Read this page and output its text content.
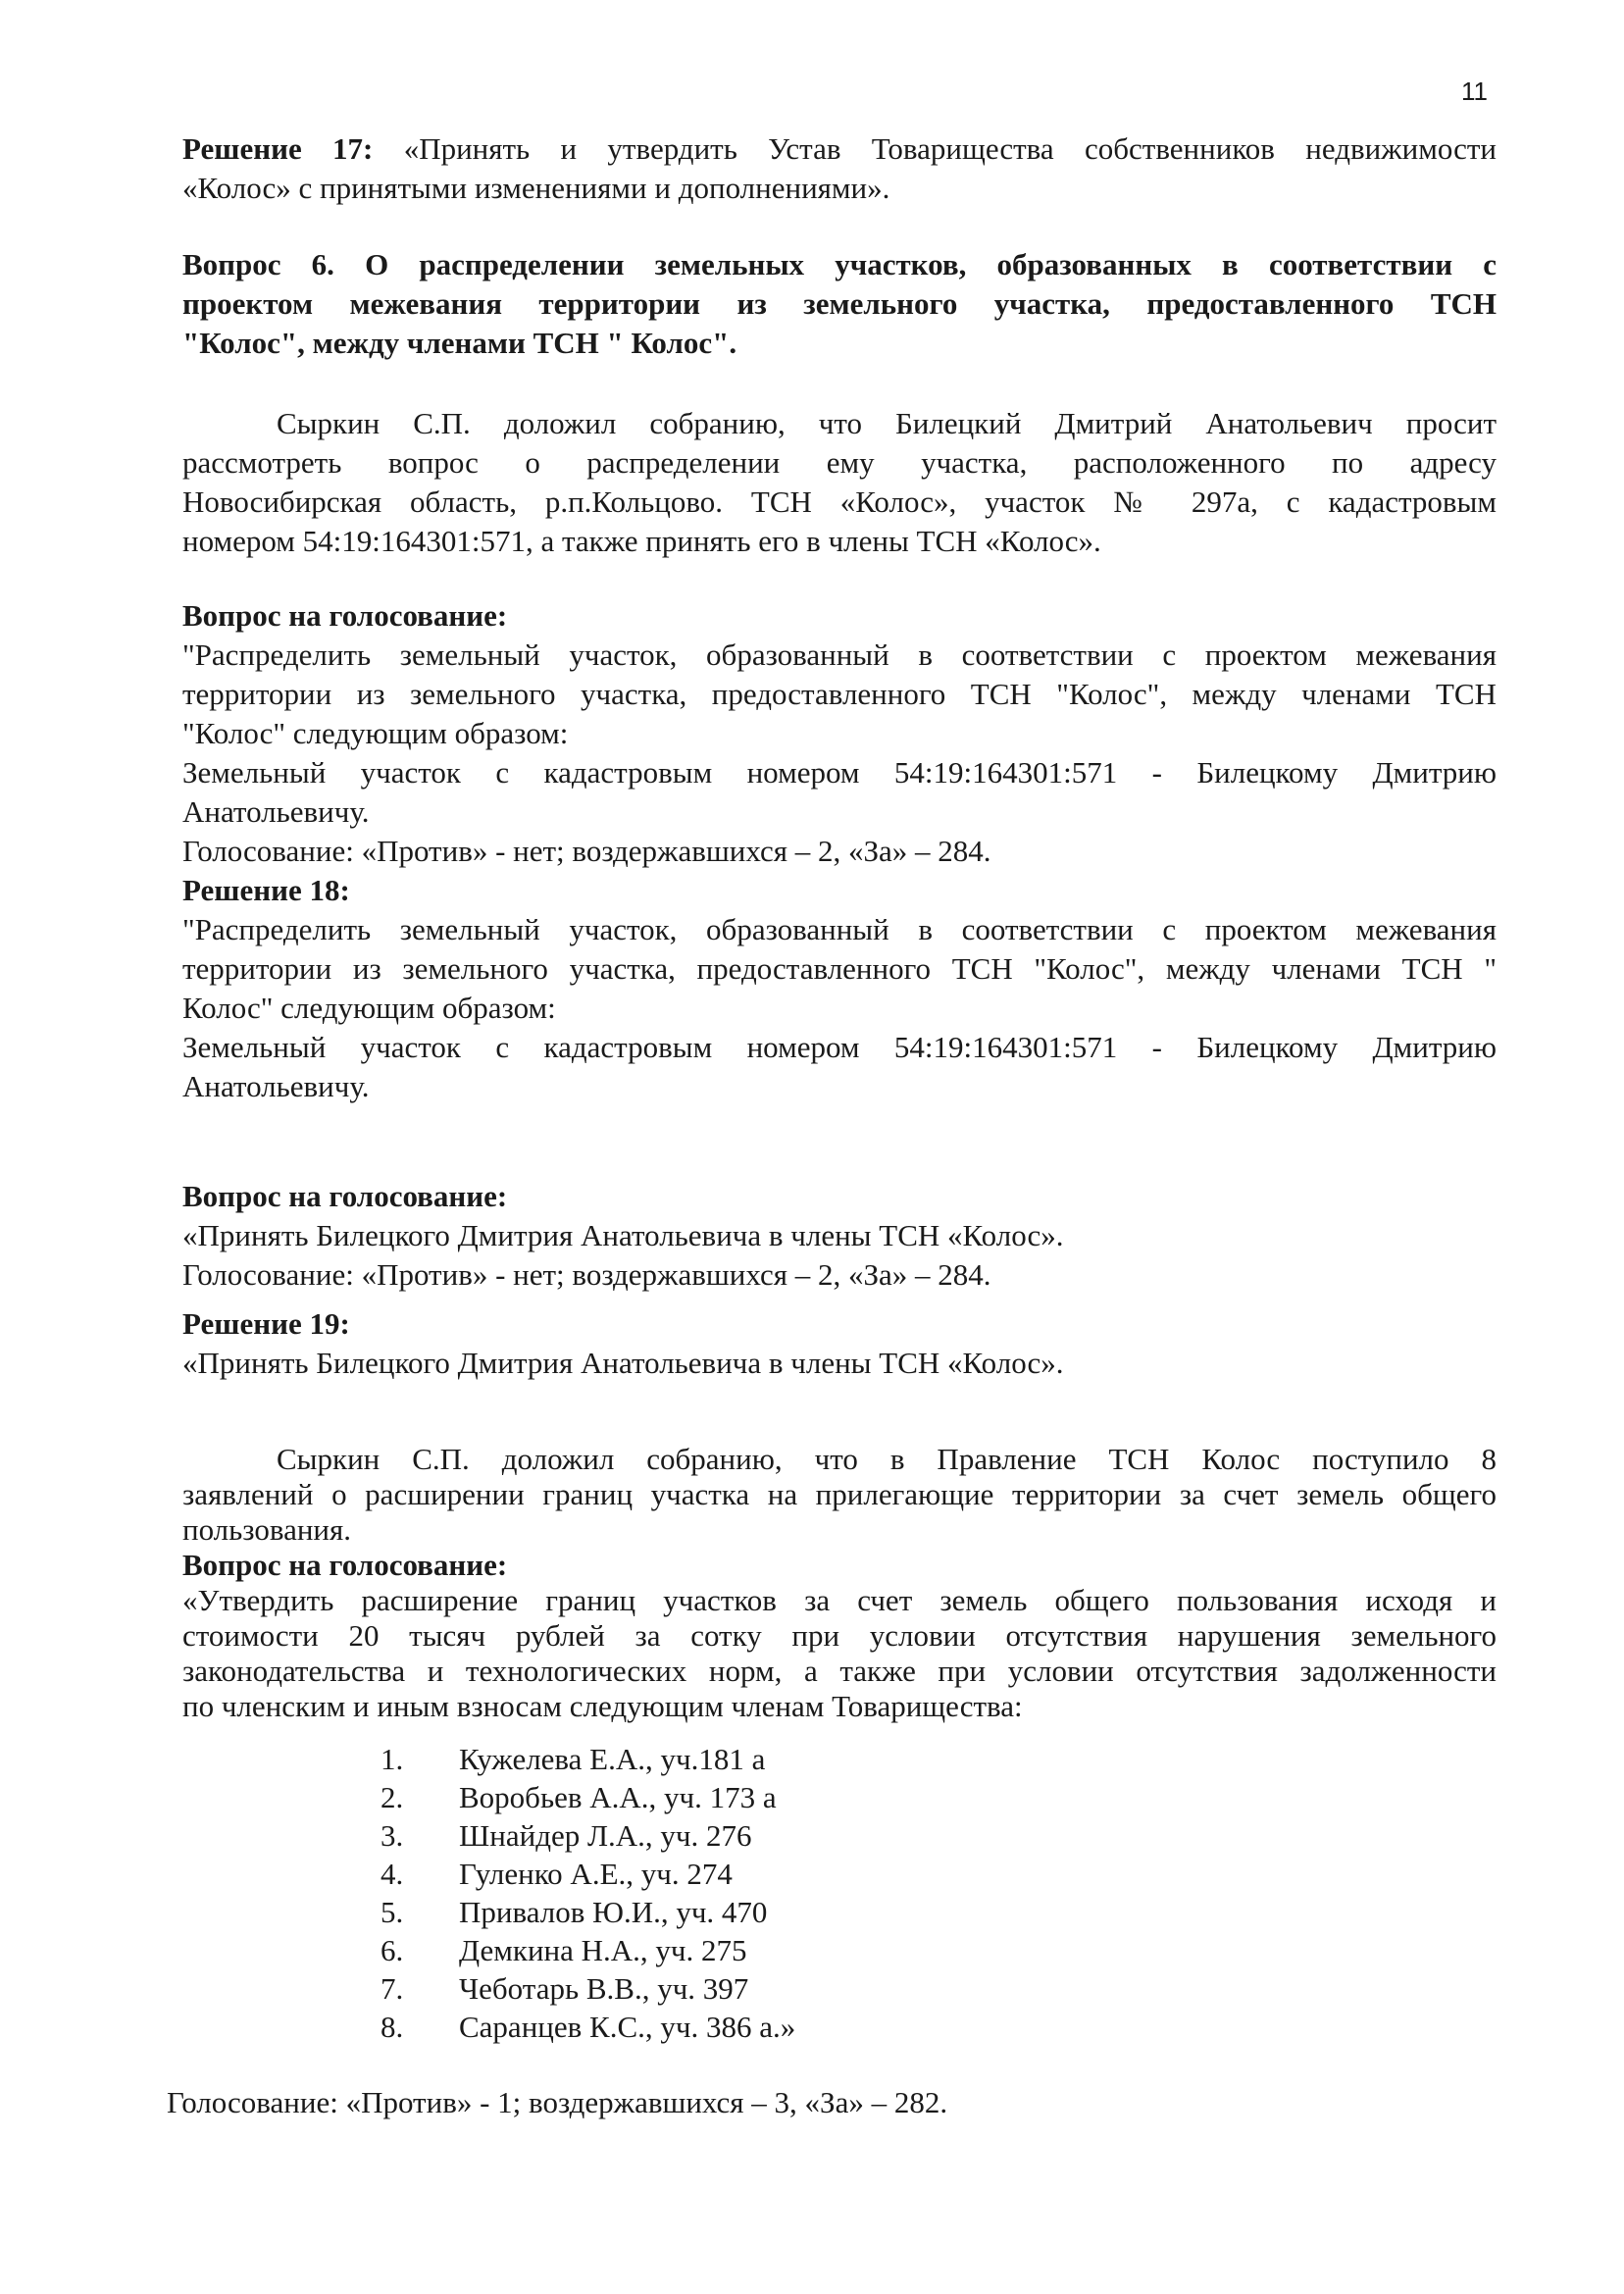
11
Решение 17: «Принять и утвердить Устав Товарищества собственников недвижимости
«Колос» с принятыми изменениями и дополнениями».
Вопрос 6. О распределении земельных участков, образованных в соответствии с
проектом межевания территории из земельного участка, предоставленного ТСН
"Колос", между членами ТСН " Колос".
Сыркин С.П. доложил собранию, что Билецкий Дмитрий Анатольевич просит
рассмотреть вопрос о распределении ему участка, расположенного по адресу
Новосибирская область, р.п.Кольцово. ТСН «Колос», участок № 297а, с кадастровым
номером 54:19:164301:571, а также принять его в члены ТСН «Колос».
Вопрос на голосование:
"Распределить земельный участок, образованный в соответствии с проектом межевания
территории из земельного участка, предоставленного ТСН "Колос", между членами ТСН
"Колос" следующим образом:
Земельный участок с кадастровым номером 54:19:164301:571 - Билецкому Дмитрию
Анатольевичу.
Голосование: «Против» - нет; воздержавшихся – 2, «За» – 284.
Решение 18:
"Распределить земельный участок, образованный в соответствии с проектом межевания
территории из земельного участка, предоставленного ТСН "Колос", между членами ТСН "
Колос" следующим образом:
Земельный участок с кадастровым номером 54:19:164301:571 - Билецкому Дмитрию
Анатольевичу.
Вопрос на голосование:
«Принять Билецкого Дмитрия Анатольевича в члены ТСН «Колос».
Голосование: «Против» - нет; воздержавшихся – 2, «За» – 284.
Решение 19:
«Принять Билецкого Дмитрия Анатольевича в члены ТСН «Колос».
Сыркин С.П. доложил собранию, что в Правление ТСН Колос поступило 8
заявлений о расширении границ участка на прилегающие территории за счет земель общего
пользования.
Вопрос на голосование:
«Утвердить расширение границ участков за счет земель общего пользования исходя и
стоимости 20 тысяч рублей за сотку при условии отсутствия нарушения земельного
законодательства и технологических норм, а также при условии отсутствия задолженности
по членским и иным взносам следующим членам Товарищества:
1.	Кужелева Е.А., уч.181 а
2.	Воробьев А.А., уч. 173 а
3.	Шнайдер Л.А., уч. 276
4.	Гуленко А.Е., уч. 274
5.	Привалов Ю.И., уч. 470
6.	Демкина Н.А., уч. 275
7.	Чеботарь В.В., уч. 397
8.	Саранцев К.С., уч. 386 а.»
Голосование: «Против» - 1; воздержавшихся – 3, «За» – 282.
